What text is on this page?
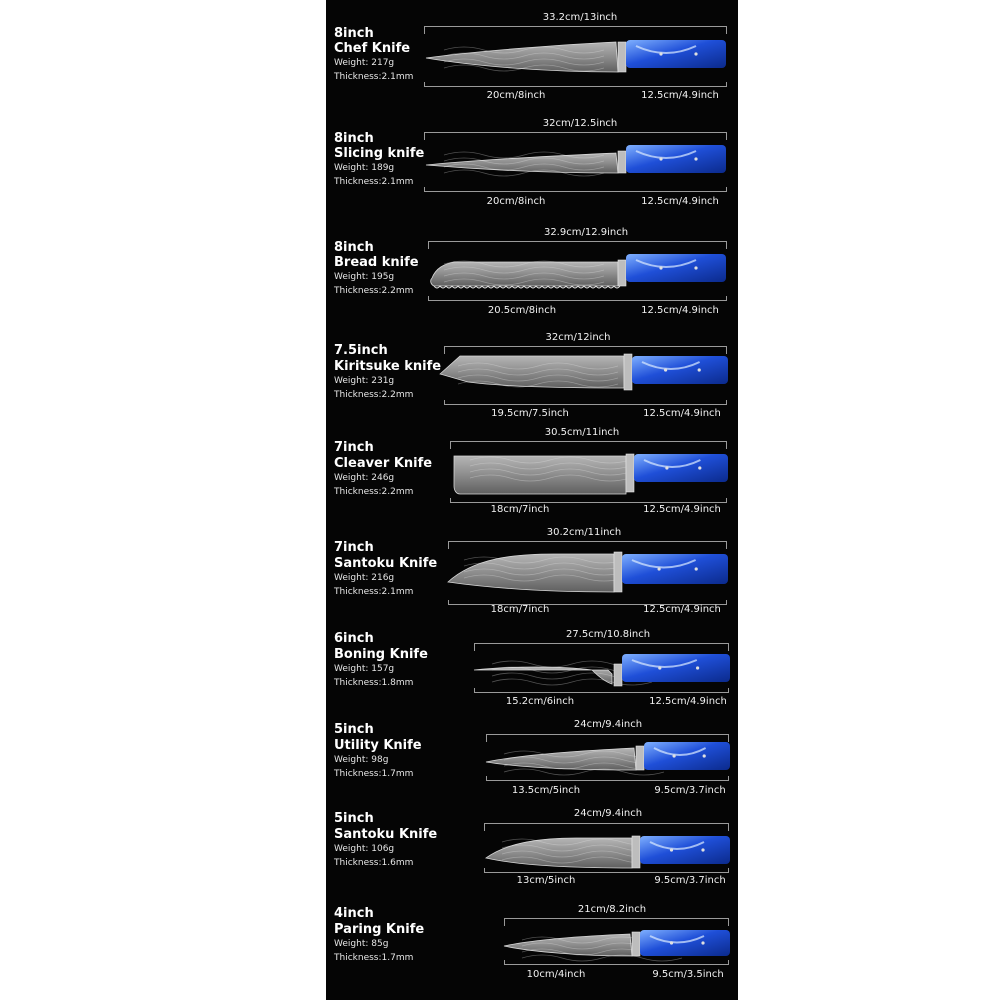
8inch
Chef Knife
Weight: 217g
Thickness:2.1mm
33.2cm/13inch
20cm/8inch	12.5cm/4.9inch
8inch
Slicing knife
Weight: 189g
Thickness:2.1mm
32cm/12.5inch
20cm/8inch	12.5cm/4.9inch
8inch
Bread knife
Weight: 195g
Thickness:2.2mm
32.9cm/12.9inch
20.5cm/8inch	12.5cm/4.9inch
7.5inch
Kiritsuke knife
Weight: 231g
Thickness:2.2mm
32cm/12inch
19.5cm/7.5inch	12.5cm/4.9inch
7inch
Cleaver Knife
Weight: 246g
Thickness:2.2mm
30.5cm/11inch
18cm/7inch	12.5cm/4.9inch
7inch
Santoku Knife
Weight: 216g
Thickness:2.1mm
30.2cm/11inch
18cm/7inch	12.5cm/4.9inch
6inch
Boning Knife
Weight: 157g
Thickness:1.8mm
27.5cm/10.8inch
15.2cm/6inch	12.5cm/4.9inch
5inch
Utility Knife
Weight: 98g
Thickness:1.7mm
24cm/9.4inch
13.5cm/5inch	9.5cm/3.7inch
5inch
Santoku Knife
Weight: 106g
Thickness:1.6mm
24cm/9.4inch
13cm/5inch	9.5cm/3.7inch
4inch
Paring Knife
Weight: 85g
Thickness:1.7mm
21cm/8.2inch
10cm/4inch	9.5cm/3.5inch
